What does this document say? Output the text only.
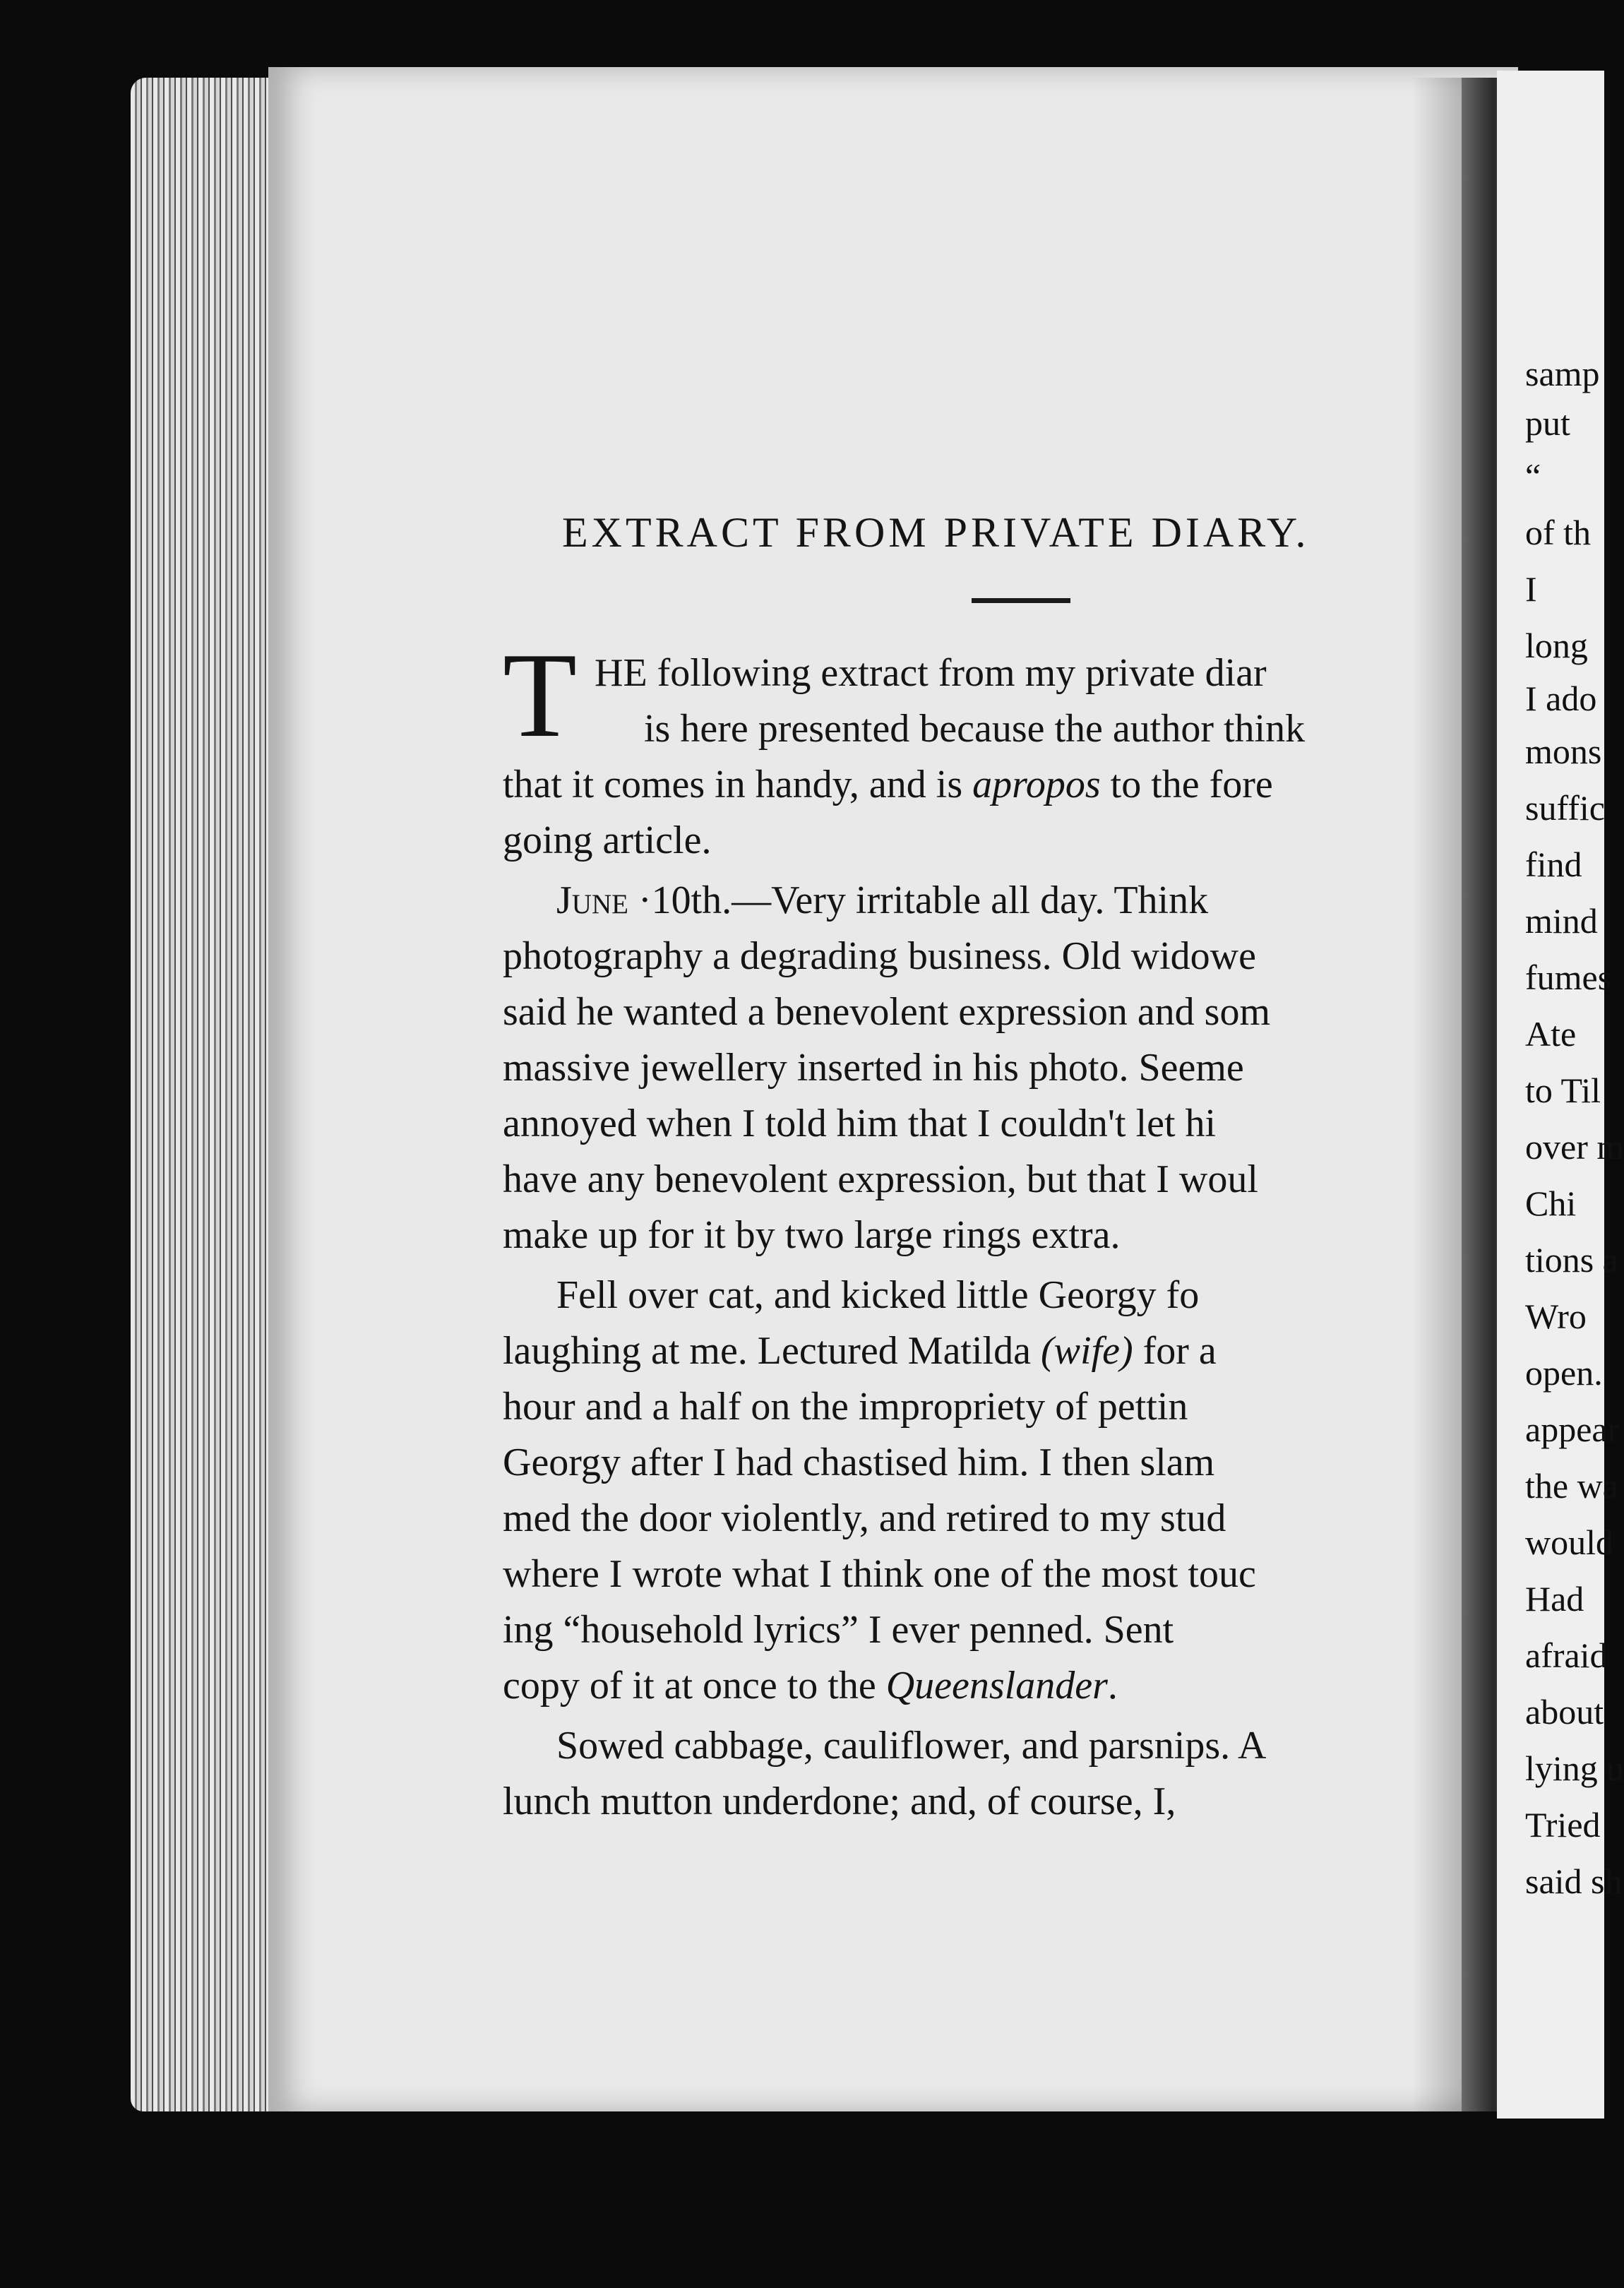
samp
put
“
of th
I
long
I ado
mons
suffic
find
mind
fumes
Ate
to Til
over m
Chi
tions a
Wro
open.
appear
the wa
would
Had
afraid
about
lying u
Tried
said sh
EXTRACT FROM PRIVATE DIARY.
T HE following extract from my private diar
is here presented because the author think
that it comes in handy, and is apropos to the fore
going article.
June ·10th.—Very irritable all day. Think
photography a degrading business. Old widowe
said he wanted a benevolent expression and som
massive jewellery inserted in his photo. Seeme
annoyed when I told him that I couldn't let hi
have any benevolent expression, but that I woul
make up for it by two large rings extra.
Fell over cat, and kicked little Georgy fo
laughing at me. Lectured Matilda (wife) for a
hour and a half on the impropriety of pettin
Georgy after I had chastised him. I then slam
med the door violently, and retired to my stud
where I wrote what I think one of the most touc
ing “household lyrics” I ever penned. Sent
copy of it at once to the Queenslander.
Sowed cabbage, cauliflower, and parsnips. A
lunch mutton underdone; and, of course, I,
